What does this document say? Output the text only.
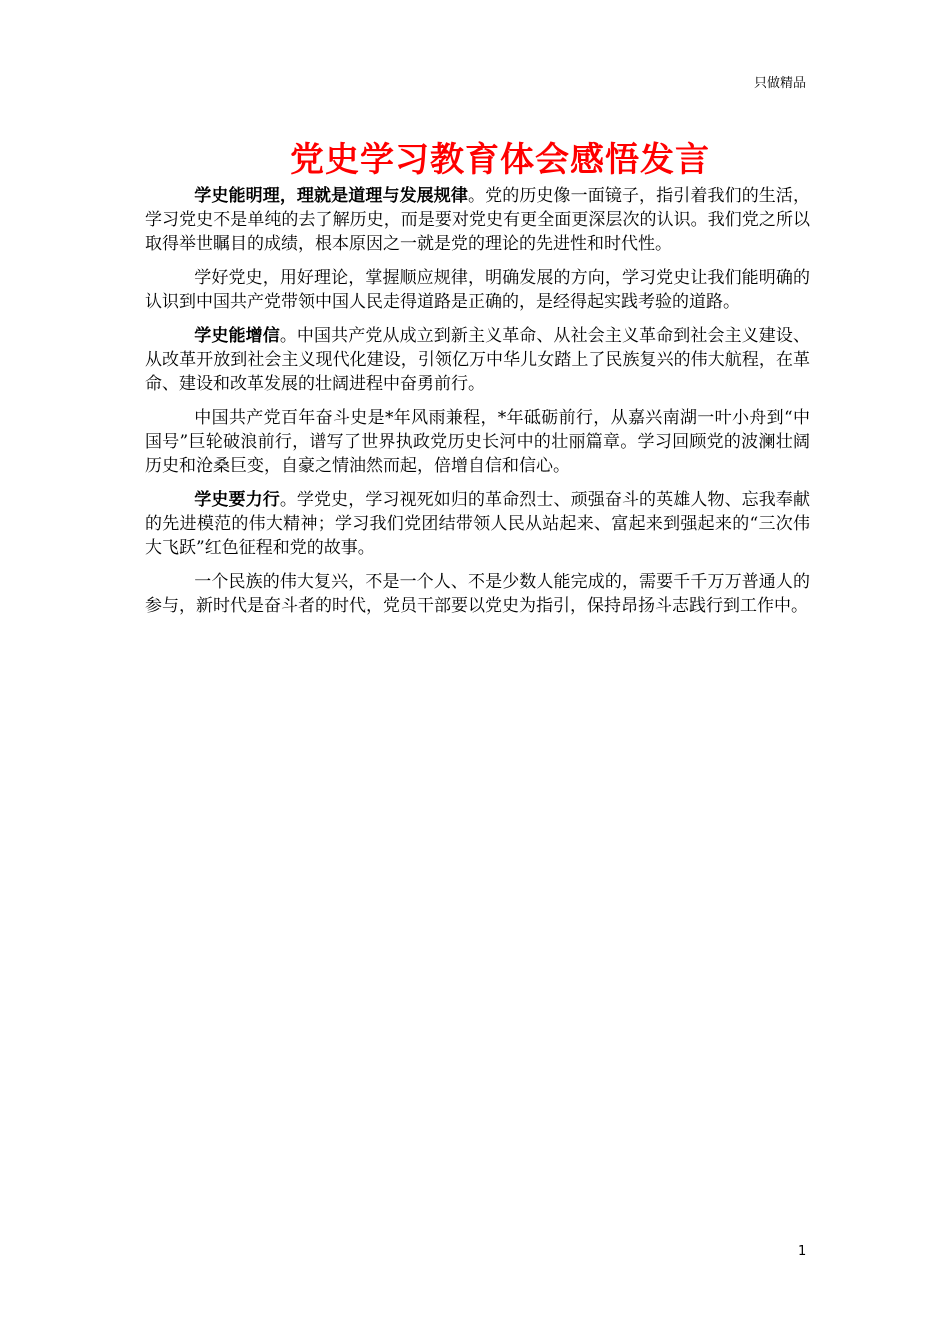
只做精品
党史学习教育体会感悟发言

学史能明理，理就是道理与发展规律。党的历史像一面镜子，指引着我们的生活，学习党史不是单纯的去了解历史，而是要对党史有更全面更深层次的认识。我们党之所以取得举世瞩目的成绩，根本原因之一就是党的理论的先进性和时代性。

学好党史，用好理论，掌握顺应规律，明确发展的方向，学习党史让我们能明确的认识到中国共产党带领中国人民走得道路是正确的，是经得起实践考验的道路。

学史能增信。中国共产党从成立到新主义革命、从社会主义革命到社会主义建设、从改革开放到社会主义现代化建设，引领亿万中华儿女踏上了民族复兴的伟大航程，在革命、建设和改革发展的壮阔进程中奋勇前行。

中国共产党百年奋斗史是*年风雨兼程，*年砥砺前行，从嘉兴南湖一叶小舟到“中国号”巨轮破浪前行，谱写了世界执政党历史长河中的壮丽篇章。学习回顾党的波澜壮阔历史和沧桑巨变，自豪之情油然而起，倍增自信和信心。

学史要力行。学党史，学习视死如归的革命烈士、顽强奋斗的英雄人物、忘我奉献的先进模范的伟大精神；学习我们党团结带领人民从站起来、富起来到强起来的“三次伟大飞跃”红色征程和党的故事。

一个民族的伟大复兴，不是一个人、不是少数人能完成的，需要千千万万普通人的参与，新时代是奋斗者的时代，党员干部要以党史为指引，保持昂扬斗志践行到工作中。

1
